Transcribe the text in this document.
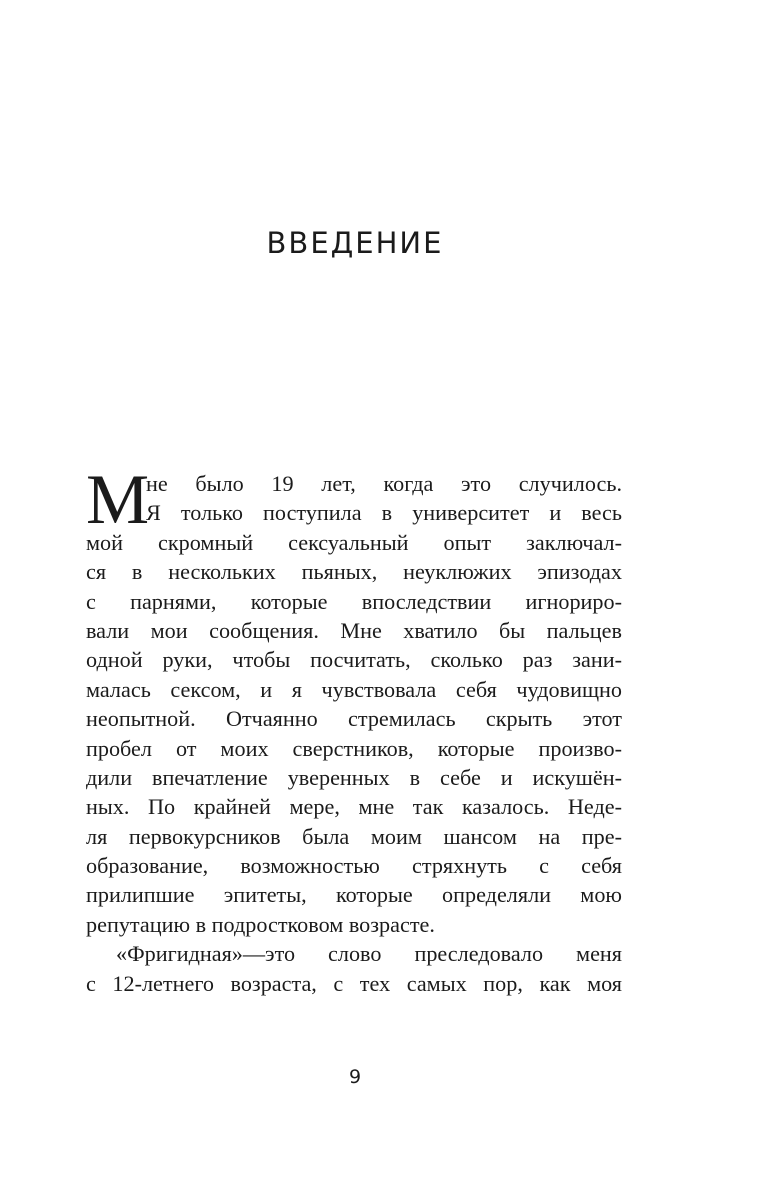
ВВЕДЕНИЕ
М
не было 19 лет, когда это случилось.
Я только поступила в университет и весь
мой скромный сексуальный опыт заключал-
ся в нескольких пьяных, неуклюжих эпизодах
с парнями, которые впоследствии игнориро-
вали мои сообщения. Мне хватило бы пальцев
одной руки, чтобы посчитать, сколько раз зани-
малась сексом, и я чувствовала себя чудовищно
неопытной. Отчаянно стремилась скрыть этот
пробел от моих сверстников, которые произво-
дили впечатление уверенных в себе и искушён-
ных. По крайней мере, мне так казалось. Неде-
ля первокурсников была моим шансом на пре-
образование, возможностью стряхнуть с себя
прилипшие эпитеты, которые определяли мою
репутацию в подростковом возрасте.
«Фригидная»—это слово преследовало меня
с 12-летнего возраста, с тех самых пор, как моя
9
